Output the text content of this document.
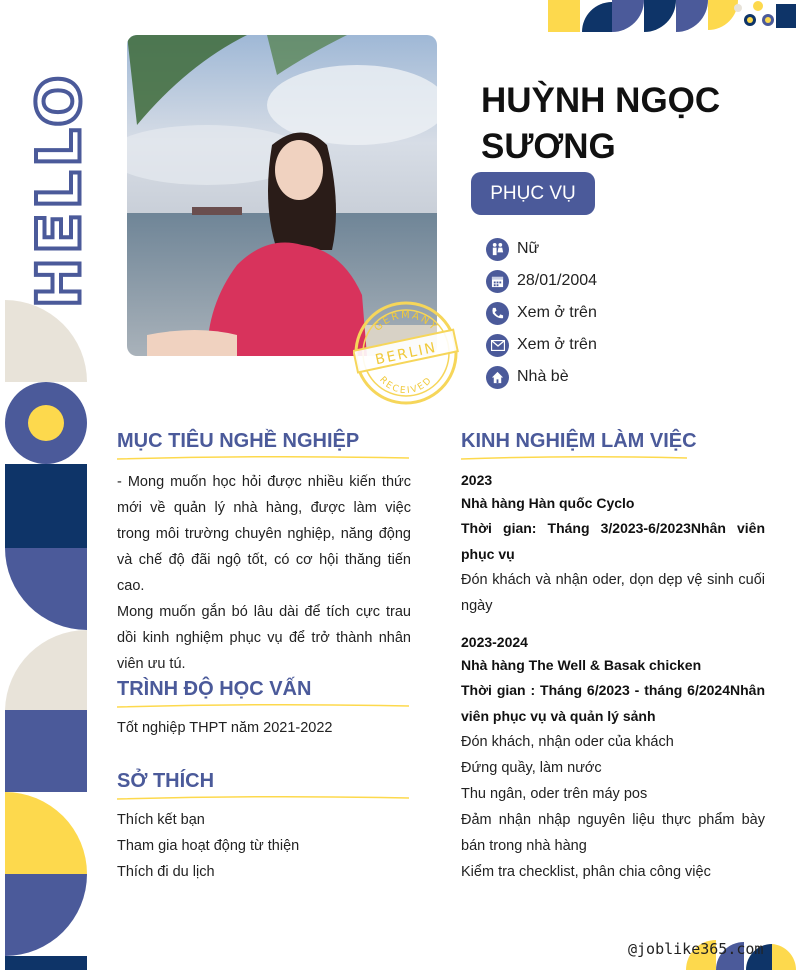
HELLO
GERMANY
BERLIN
RECEIVED
HUỲNH NGỌC
SƯƠNG
PHỤC VỤ
Nữ
28/01/2004
Xem ở trên
Xem ở trên
Nhà bè
MỤC TIÊU NGHỀ NGHIỆP

- Mong muốn học hỏi được nhiều kiến thức mới về quản lý nhà hàng, được làm việc trong môi trường chuyên nghiệp, năng động và chế độ đãi ngộ tốt, có cơ hội thăng tiến cao.

Mong muốn gắn bó lâu dài để tích cực trau dồi kinh nghiệm phục vụ để trở thành nhân viên ưu tú.

TRÌNH ĐỘ HỌC VẤN

Tốt nghiệp THPT năm 2021-2022

SỞ THÍCH

Thích kết bạn

Tham gia hoạt động từ thiện

Thích đi du lịch

KINH NGHIỆM LÀM VIỆC
2023
Nhà hàng Hàn quốc Cyclo
Thời gian: Tháng 3/2023-6/2023Nhân viên phục vụ

Đón khách và nhận oder, dọn dẹp vệ sinh cuối ngày

2023-2024
Nhà hàng The Well & Basak chicken
Thời gian : Tháng 6/2023 - tháng 6/2024Nhân viên phục vụ và quản lý sảnh

Đón khách, nhận oder của khách

Đứng quầy, làm nước

Thu ngân, oder trên máy pos

Đảm nhận nhập nguyên liệu thực phẩm bày bán trong nhà hàng

Kiểm tra checklist, phân chia công việc

@joblike365.com
